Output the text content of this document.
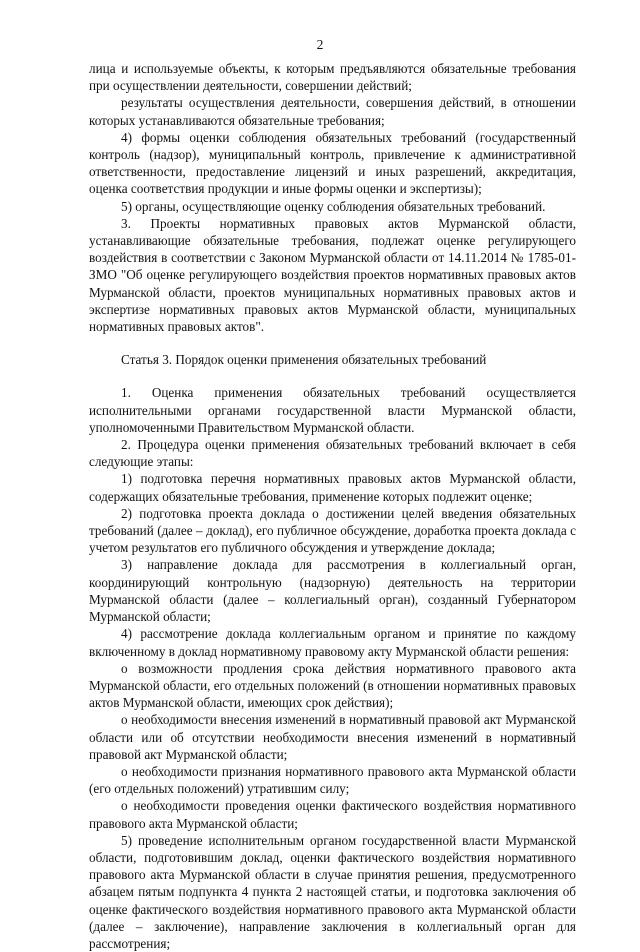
2

лица и используемые объекты, к которым предъявляются обязательные требования при осуществлении деятельности, совершении действий;

результаты осуществления деятельности, совершения действий, в отношении которых устанавливаются обязательные требования;

4) формы оценки соблюдения обязательных требований (государственный контроль (надзор), муниципальный контроль, привлечение к административной ответственности, предоставление лицензий и иных разрешений, аккредитация, оценка соответствия продукции и иные формы оценки и экспертизы);

5) органы, осуществляющие оценку соблюдения обязательных требований.

3. Проекты нормативных правовых актов Мурманской области, устанавливающие обязательные требования, подлежат оценке регулирующего воздействия в соответствии с Законом Мурманской области от 14.11.2014 № 1785-01-ЗМО "Об оценке регулирующего воздействия проектов нормативных правовых актов Мурманской области, проектов муниципальных нормативных правовых актов и экспертизе нормативных правовых актов Мурманской области, муниципальных нормативных правовых актов".

Статья 3. Порядок оценки применения обязательных требований

1. Оценка применения обязательных требований осуществляется исполнительными органами государственной власти Мурманской области, уполномоченными Правительством Мурманской области.

2. Процедура оценки применения обязательных требований включает в себя следующие этапы:

1) подготовка перечня нормативных правовых актов Мурманской области, содержащих обязательные требования, применение которых подлежит оценке;

2) подготовка проекта доклада о достижении целей введения обязательных требований (далее – доклад), его публичное обсуждение, доработка проекта доклада с учетом результатов его публичного обсуждения и утверждение доклада;

3) направление доклада для рассмотрения в коллегиальный орган, координирующий контрольную (надзорную) деятельность на территории Мурманской области (далее – коллегиальный орган), созданный Губернатором Мурманской области;

4) рассмотрение доклада коллегиальным органом и принятие по каждому включенному в доклад нормативному правовому акту Мурманской области решения:

о возможности продления срока действия нормативного правового акта Мурманской области, его отдельных положений (в отношении нормативных правовых актов Мурманской области, имеющих срок действия);

о необходимости внесения изменений в нормативный правовой акт Мурманской области или об отсутствии необходимости внесения изменений в нормативный правовой акт Мурманской области;

о необходимости признания нормативного правового акта Мурманской области (его отдельных положений) утратившим силу;

о необходимости проведения оценки фактического воздействия нормативного правового акта Мурманской области;

5) проведение исполнительным органом государственной власти Мурманской области, подготовившим доклад, оценки фактического воздействия нормативного правового акта Мурманской области в случае принятия решения, предусмотренного абзацем пятым подпункта 4 пункта 2 настоящей статьи, и подготовка заключения об оценке фактического воздействия нормативного правового акта Мурманской области (далее – заключение), направление заключения в коллегиальный орган для рассмотрения;
